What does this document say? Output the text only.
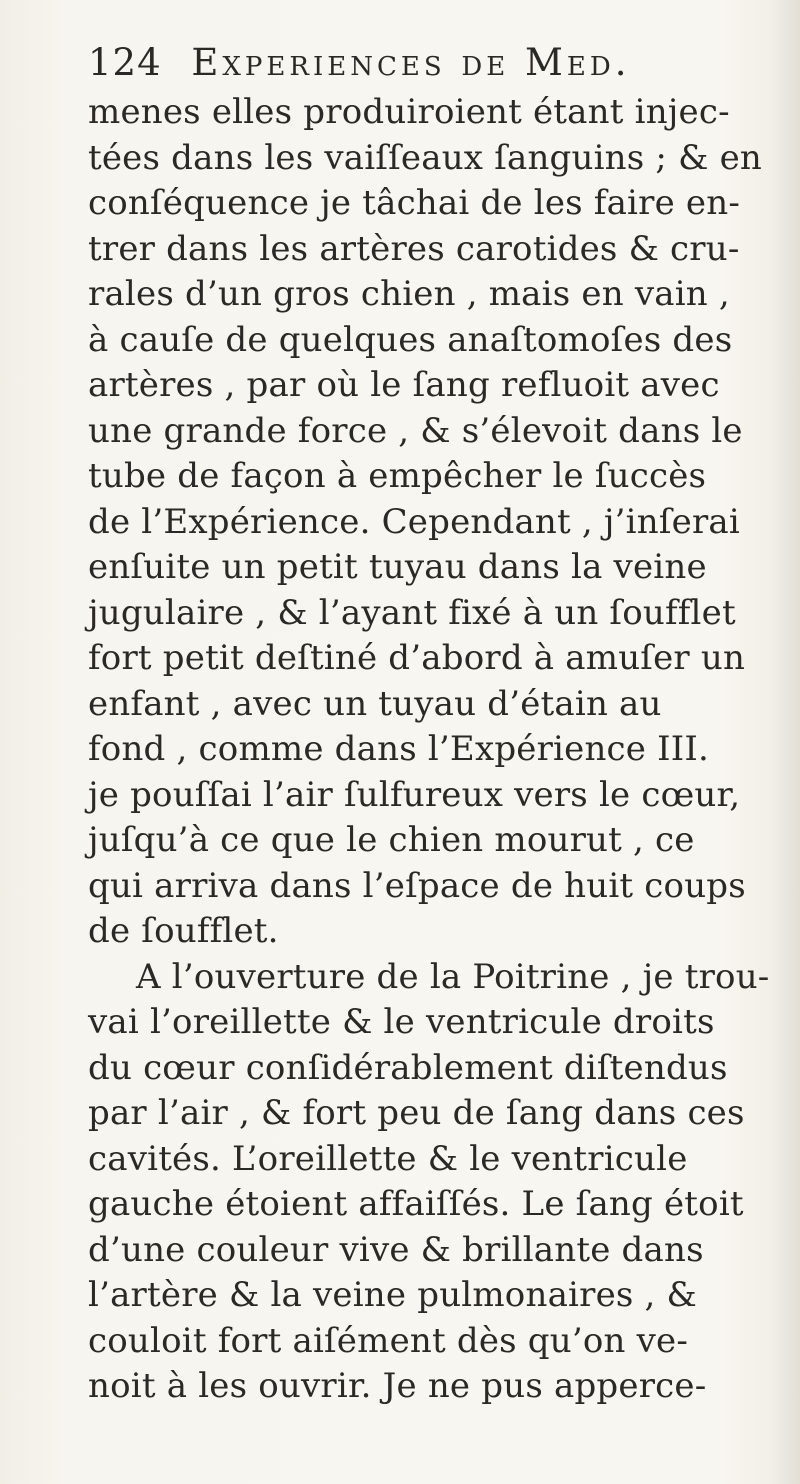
124 Experiences de Med.
menes elles produiroient étant injec-
tées dans les vaiſſeaux ſanguins ; & en
conſéquence je tâchai de les faire en-
trer dans les artères carotides & cru-
rales d’un gros chien , mais en vain ,
à cauſe de quelques anaſtomoſes des
artères , par où le ſang refluoit avec
une grande force , & s’élevoit dans le
tube de façon à empêcher le ſuccès
de l’Expérience. Cependant , j’inſerai
enſuite un petit tuyau dans la veine
jugulaire , & l’ayant fixé à un ſoufflet
fort petit deſtiné d’abord à amuſer un
enfant , avec un tuyau d’étain au
fond , comme dans l’Expérience III.
je pouſſai l’air ſulfureux vers le cœur,
juſqu’à ce que le chien mourut , ce
qui arriva dans l’eſpace de huit coups
de ſoufflet.
A l’ouverture de la Poitrine , je trou-
vai l’oreillette & le ventricule droits
du cœur conſidérablement diſtendus
par l’air , & fort peu de ſang dans ces
cavités. L’oreillette & le ventricule
gauche étoient affaiſſés. Le ſang étoit
d’une couleur vive & brillante dans
l’artère & la veine pulmonaires , &
couloit fort aiſément dès qu’on ve-
noit à les ouvrir. Je ne pus apperce-
